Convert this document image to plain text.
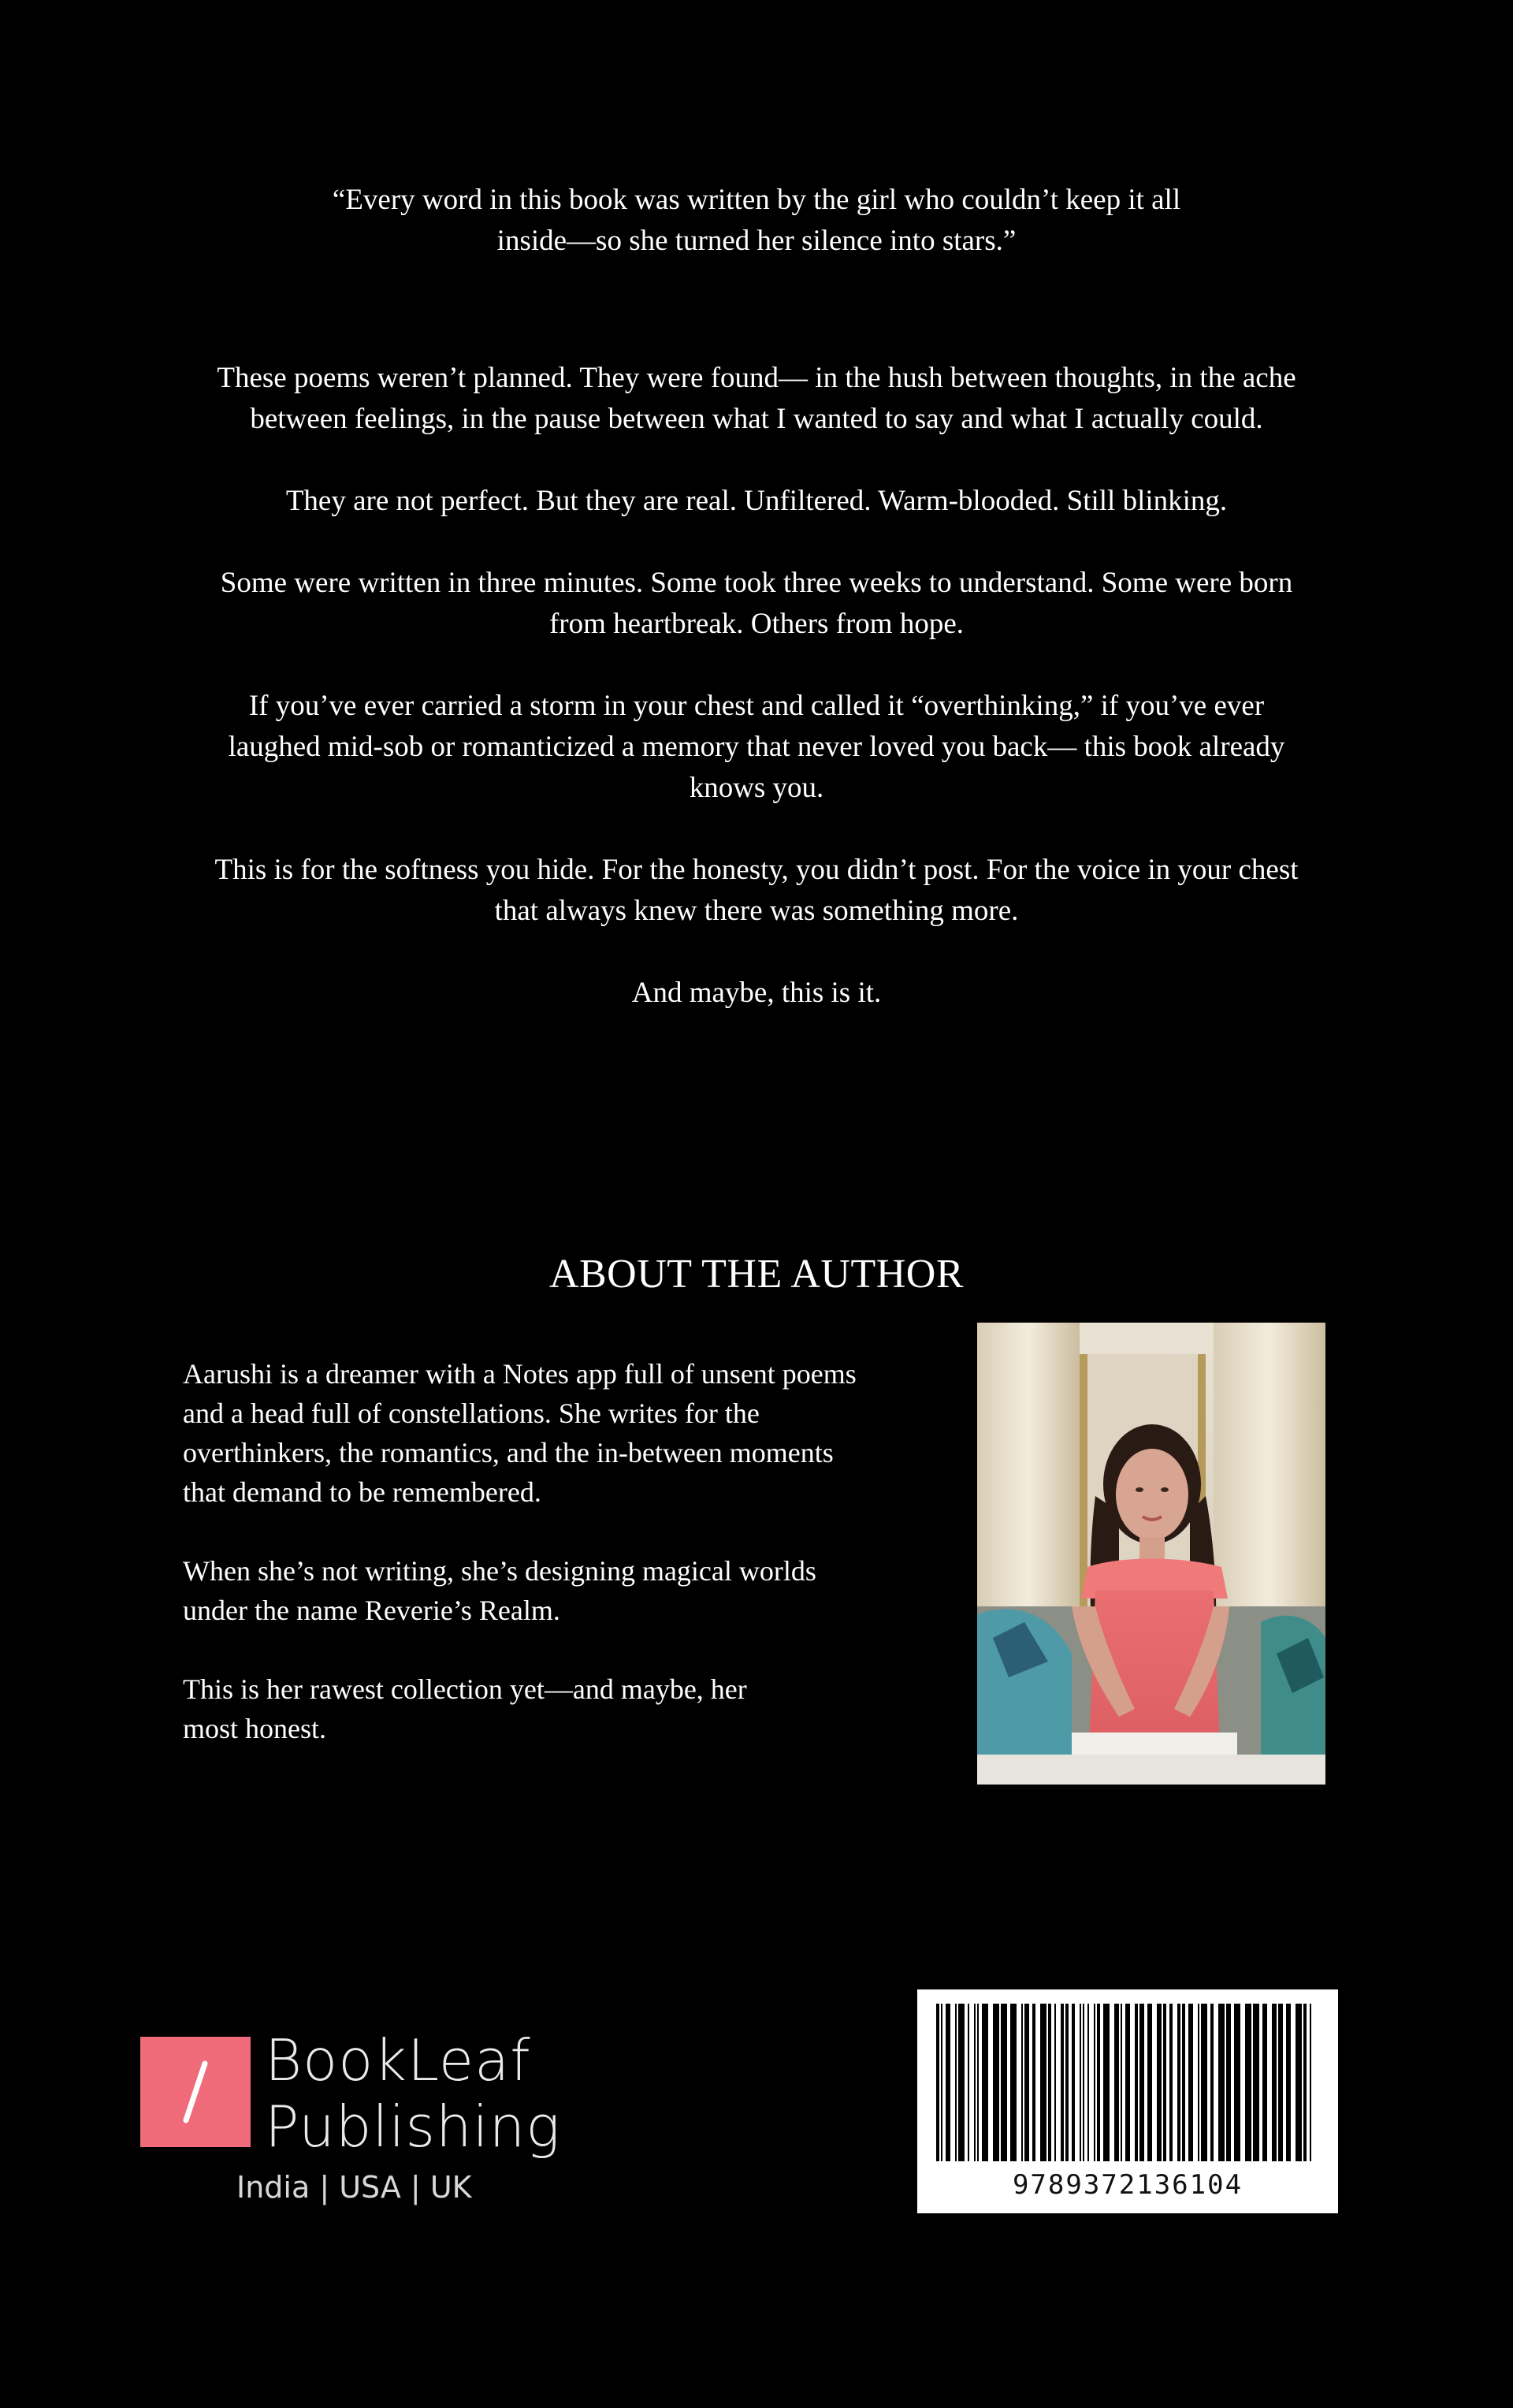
“Every word in this book was written by the girl who couldn’t keep it all
inside—so she turned her silence into stars.”

These poems weren’t planned. They were found— in the hush between thoughts, in the ache
between feelings, in the pause between what I wanted to say and what I actually could.

They are not perfect. But they are real. Unfiltered. Warm-blooded. Still blinking.

Some were written in three minutes. Some took three weeks to understand. Some were born
from heartbreak. Others from hope.

If you’ve ever carried a storm in your chest and called it “overthinking,” if you’ve ever
laughed mid-sob or romanticized a memory that never loved you back— this book already
knows you.

This is for the softness you hide. For the honesty, you didn’t post. For the voice in your chest
that always knew there was something more.

And maybe, this is it.

ABOUT THE AUTHOR

Aarushi is a dreamer with a Notes app full of unsent poems
and a head full of constellations. She writes for the
overthinkers, the romantics, and the in-between moments
that demand to be remembered.

When she’s not writing, she’s designing magical worlds
under the name Reverie’s Realm.

This is her rawest collection yet—and maybe, her
most honest.

BookLeaf
Publishing
India | USA | UK	9789372136104
